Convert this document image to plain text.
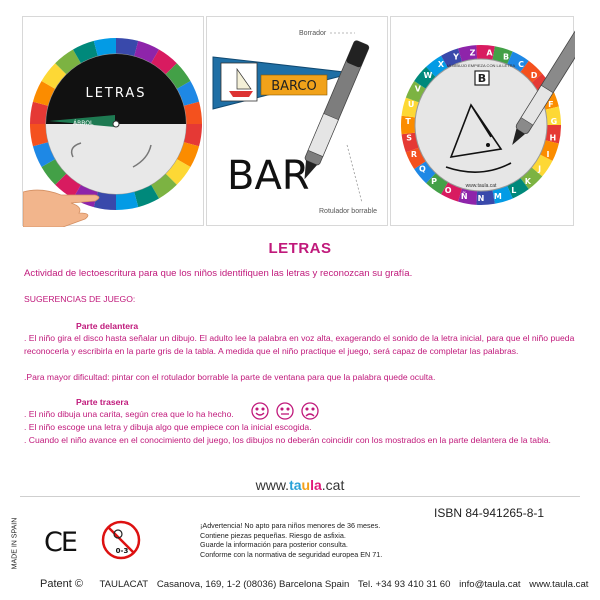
LETRAS
ÁRBOL
Borrador
BARCO
BAR
Rotulador borrable
A B
C
D
F
G
H
I
J
K
L
M
N
Ñ
O
P
Q
R
S
T
U
V
W
X
Y Z
B
MI DIBUJO EMPIEZA CON LA LETRA
www.taula.cat
LETRAS
Actividad de lectoescritura para que los niños identifiquen las letras y reconozcan su grafía.
SUGERENCIAS DE JUEGO:
Parte delantera
. El niño gira el disco hasta señalar un dibujo. El adulto lee la palabra en voz alta, exagerando el sonido de la letra inicial, para que el niño pueda reconocerla y escribirla en la parte gris de la tabla. A medida que el niño practique el juego, será capaz de completar las palabras.
.Para mayor dificultad: pintar con el rotulador borrable la parte de ventana para que la palabra quede oculta.
Parte trasera
. El niño dibuja una carita, según crea que lo ha hecho.
. El niño escoge una letra y dibuja algo que empiece con la inicial escogida.
. Cuando el niño avance en el conocimiento del juego, los dibujos no deberán coincidir con los mostrados en la parte delantera de la tabla.
www.taula.cat
MADE IN SPAIN CE	0-3
¡Advertencia! No apto para niños menores de 36 meses.
Contiene piezas pequeñas. Riesgo de asfixia.
Guarde la información para posterior consulta.
Conforme con la normativa de seguridad europea EN 71.
ISBN 84-941265-8-1
Patent © TAULACAT Casanova, 169, 1-2 (08036) Barcelona Spain Tel. +34 93 410 31 60 info@taula.cat www.taula.cat
